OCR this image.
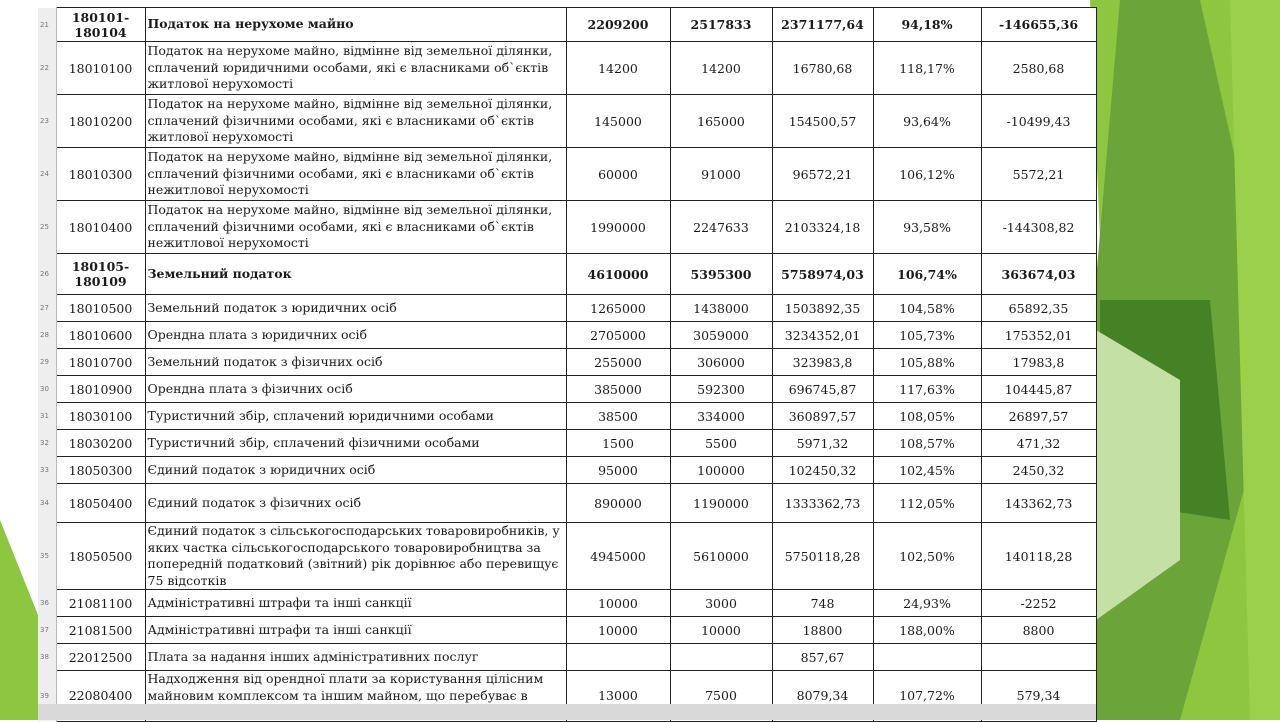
21	180101-180104	Податок на нерухоме майно	2209200	2517833	2371177,64	94,18%	-146655,36
22	18010100	Податок на нерухоме майно, відмінне від земельної ділянки, сплачений юридичними особами, які є власниками об`єктів житлової нерухомості	14200	14200	16780,68	118,17%	2580,68
23	18010200	Податок на нерухоме майно, відмінне від земельної ділянки, сплачений фізичними особами, які є власниками об`єктів житлової нерухомості	145000	165000	154500,57	93,64%	-10499,43
24	18010300	Податок на нерухоме майно, відмінне від земельної ділянки, сплачений фізичними особами, які є власниками об`єктів нежитлової нерухомості	60000	91000	96572,21	106,12%	5572,21
25	18010400	Податок на нерухоме майно, відмінне від земельної ділянки, сплачений фізичними особами, які є власниками об`єктів нежитлової нерухомості	1990000	2247633	2103324,18	93,58%	-144308,82
26	180105-180109	Земельний податок	4610000	5395300	5758974,03	106,74%	363674,03
27	18010500	Земельний податок з юридичних осіб	1265000	1438000	1503892,35	104,58%	65892,35
28	18010600	Орендна плата з юридичних осіб	2705000	3059000	3234352,01	105,73%	175352,01
29	18010700	Земельний податок з фізичних осіб	255000	306000	323983,8	105,88%	17983,8
30	18010900	Орендна плата з фізичних осіб	385000	592300	696745,87	117,63%	104445,87
31	18030100	Туристичний збір, сплачений юридичними особами	38500	334000	360897,57	108,05%	26897,57
32	18030200	Туристичний збір, сплачений фізичними особами	1500	5500	5971,32	108,57%	471,32
33	18050300	Єдиний податок з юридичних осіб	95000	100000	102450,32	102,45%	2450,32
34	18050400	Єдиний податок з фізичних осіб	890000	1190000	1333362,73	112,05%	143362,73
35	18050500	Єдиний податок з сільськогосподарських товаровиробників, у яких частка сільськогосподарського товаровиробництва за попередній податковий (звітний) рік дорівнює або перевищує 75 відсотків	4945000	5610000	5750118,28	102,50%	140118,28
36	21081100	Адміністративні штрафи та інші санкції	10000	3000	748	24,93%	-2252
37	21081500	Адміністративні штрафи та інші санкції	10000	10000	18800	188,00%	8800
38	22012500	Плата за надання інших адміністративних послуг			857,67		
39	22080400	Надходження від орендної плати за користування цілісним майновим комплексом та іншим майном, що перебуває в	13000	7500	8079,34	107,72%	579,34
